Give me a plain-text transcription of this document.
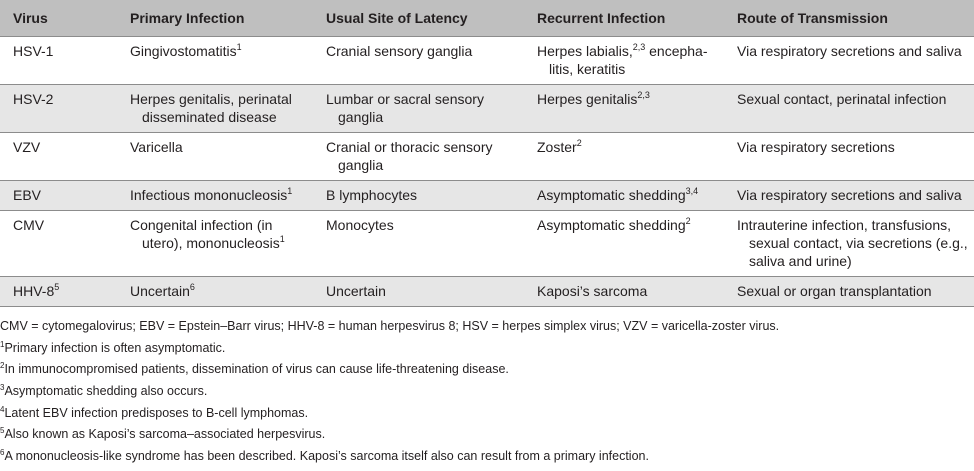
Virus	Primary Infection	Usual Site of Latency	Recurrent Infection	Route of Transmission
HSV-1	Gingivostomatitis$^1$	Cranial sensory ganglia	Herpes labialis,$^{2,3}$ encepha-litis, keratitis	Via respiratory secretions and saliva

HSV-2	Herpes genitalis, perinatal disseminated disease	Lumbar or sacral sensory ganglia	Herpes genitalis$^{2,3}$	Sexual contact, perinatal infection

VZV	Varicella	Cranial or thoracic sensory ganglia	Zoster$^2$	Via respiratory secretions

EBV	Infectious mononucleosis$^1$	B lymphocytes	Asymptomatic shedding$^{3,4}$	Via respiratory secretions and saliva

CMV	Congenital infection (in utero), mononucleosis$^1$	Monocytes	Asymptomatic shedding$^2$	Intrauterine infection, transfusions, sexual contact, via secretions (e.g., saliva and urine)

HHV-$8^5$	Uncertain$^6$	Uncertain	Kaposi’s sarcoma	Sexual or organ transplantation
CMV = cytomegalovirus; EBV = Epstein–Barr virus; HHV-8 = human herpesvirus 8; HSV = herpes simplex virus; VZV = varicella-zoster virus.
$^1$Primary infection is often asymptomatic.
$^2$In immunocompromised patients, dissemination of virus can cause life-threatening disease.
$^3$Asymptomatic shedding also occurs.
$^4$Latent EBV infection predisposes to B-cell lymphomas.
$^5$Also known as Kaposi’s sarcoma–associated herpesvirus.
$^6$A mononucleosis-like syndrome has been described. Kaposi’s sarcoma itself also can result from a primary infection.
